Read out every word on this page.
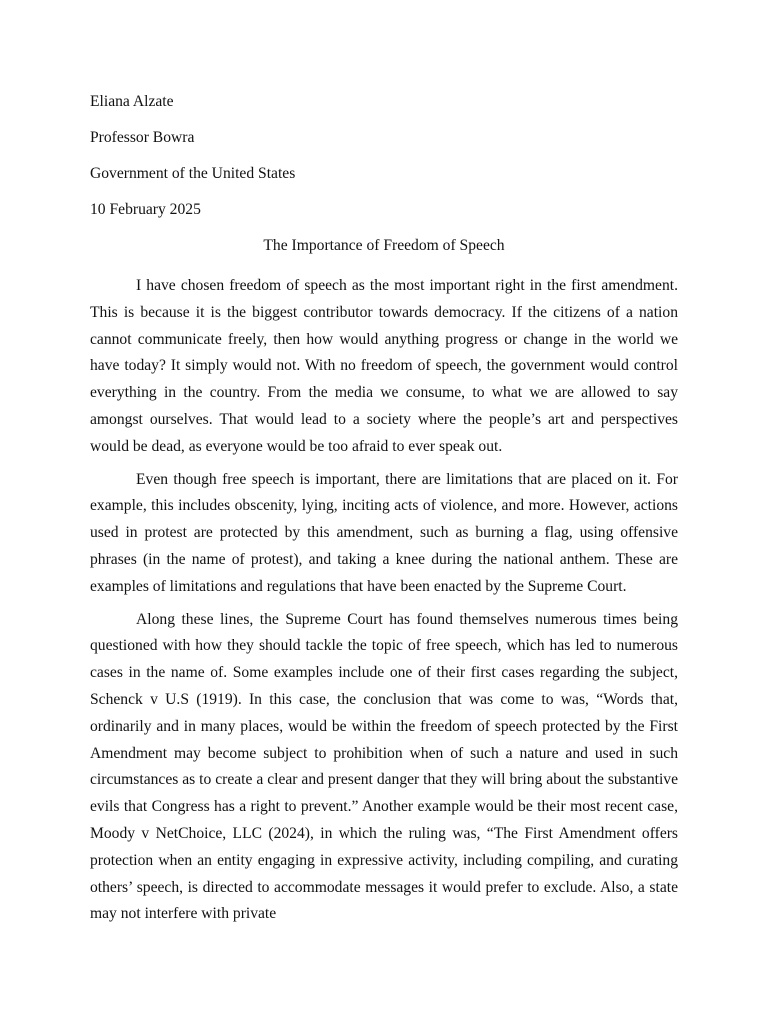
Eliana Alzate

Professor Bowra

Government of the United States

10 February 2025

The Importance of Freedom of Speech

I have chosen freedom of speech as the most important right in the first amendment. This is because it is the biggest contributor towards democracy. If the citizens of a nation cannot communicate freely, then how would anything progress or change in the world we have today? It simply would not. With no freedom of speech, the government would control everything in the country. From the media we consume, to what we are allowed to say amongst ourselves. That would lead to a society where the people’s art and perspectives would be dead, as everyone would be too afraid to ever speak out.

Even though free speech is important, there are limitations that are placed on it. For example, this includes obscenity, lying, inciting acts of violence, and more. However, actions used in protest are protected by this amendment, such as burning a flag, using offensive phrases (in the name of protest), and taking a knee during the national anthem. These are examples of limitations and regulations that have been enacted by the Supreme Court.

Along these lines, the Supreme Court has found themselves numerous times being questioned with how they should tackle the topic of free speech, which has led to numerous cases in the name of. Some examples include one of their first cases regarding the subject, Schenck v U.S (1919). In this case, the conclusion that was come to was, “Words that, ordinarily and in many places, would be within the freedom of speech protected by the First Amendment may become subject to prohibition when of such a nature and used in such circumstances as to create a clear and present danger that they will bring about the substantive evils that Congress has a right to prevent.” Another example would be their most recent case, Moody v NetChoice, LLC (2024), in which the ruling was, “The First Amendment offers protection when an entity engaging in expressive activity, including compiling, and curating others’ speech, is directed to accommodate messages it would prefer to exclude. Also, a state may not interfere with private
